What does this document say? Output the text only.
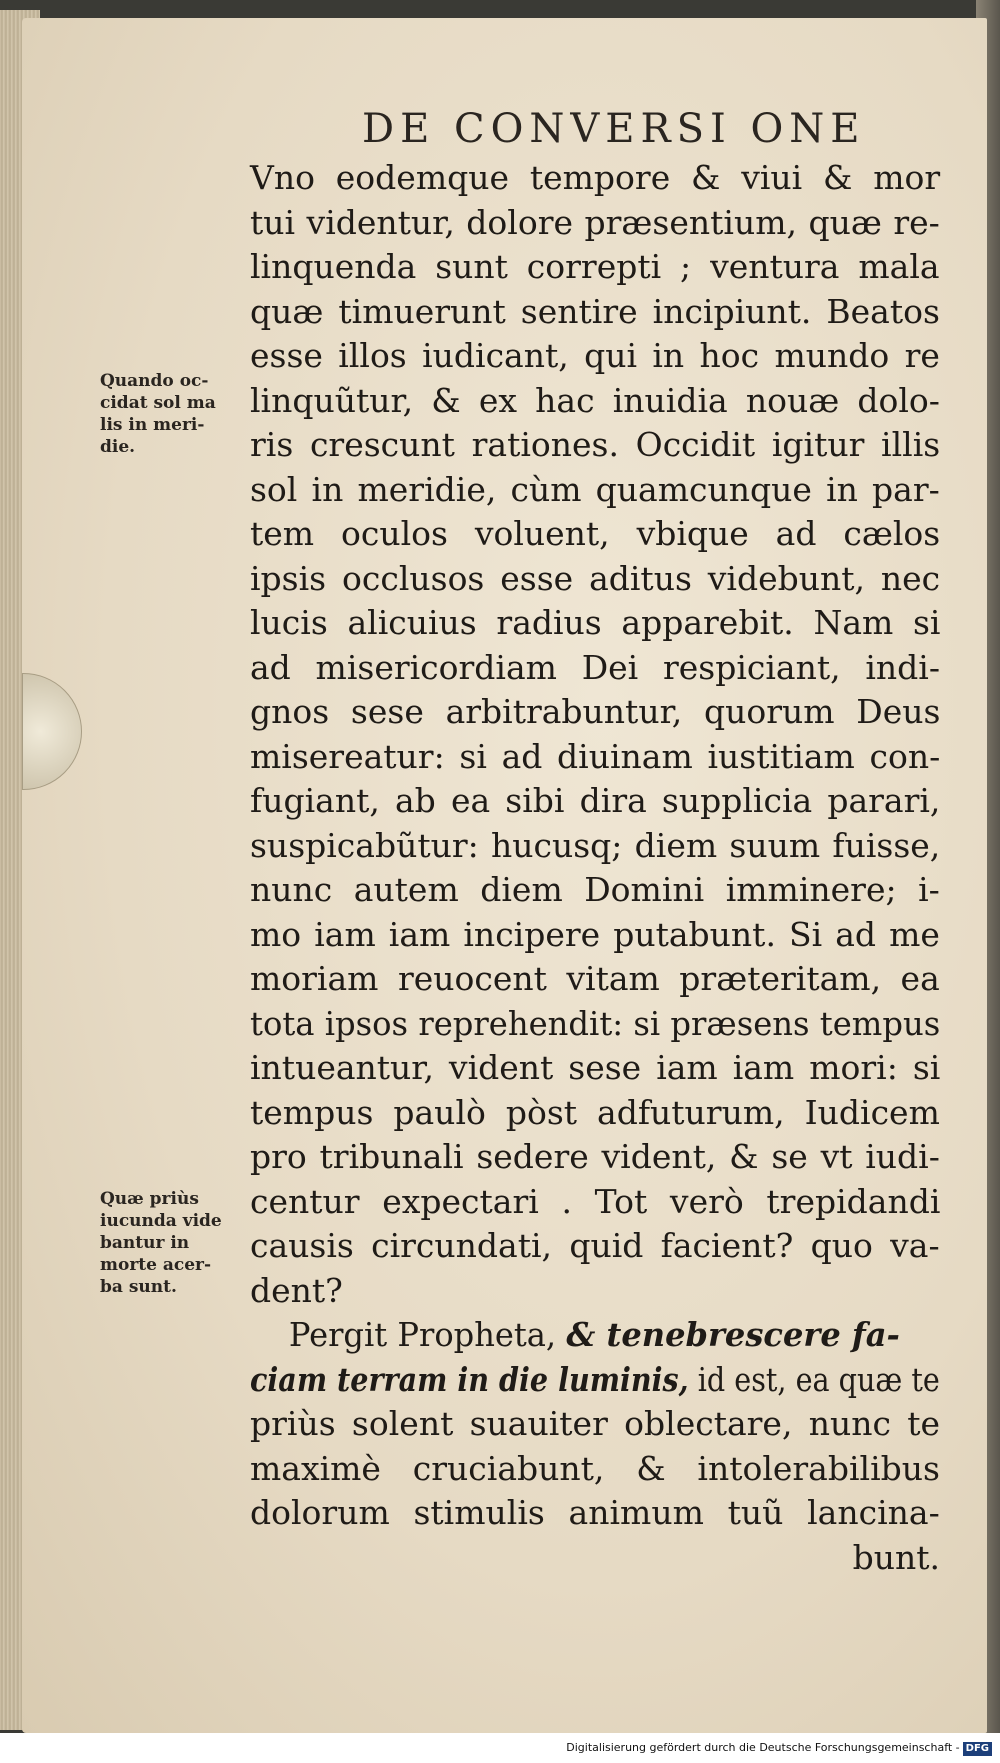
DE CONVERSI ONE
Quando oc-
cidat sol ma
lis in meri-
die.
Quæ priùs
iucunda vide
bantur in
morte acer-
ba sunt.
Vno eodemque tempore & viui & mor
tui videntur, dolore præsentium, quæ re-
linquenda sunt correpti ; ventura mala
quæ timuerunt sentire incipiunt. Beatos
esse illos iudicant, qui in hoc mundo re
linquũtur, & ex hac inuidia nouæ dolo-
ris crescunt rationes. Occidit igitur illis
sol in meridie, cùm quamcunque in par-
tem oculos voluent, vbique ad cælos
ipsis occlusos esse aditus videbunt, nec
lucis alicuius radius apparebit. Nam si
ad misericordiam Dei respiciant, indi-
gnos sese arbitrabuntur, quorum Deus
misereatur: si ad diuinam iustitiam con-
fugiant, ab ea sibi dira supplicia parari,
suspicabũtur: hucusq; diem suum fuisse,
nunc autem diem Domini imminere; i-
mo iam iam incipere putabunt. Si ad me
moriam reuocent vitam præteritam, ea
tota ipsos reprehendit: si præsens tempus
intueantur, vident sese iam iam mori: si
tempus paulò pòst adfuturum, Iudicem
pro tribunali sedere vident, & se vt iudi-
centur expectari . Tot verò trepidandi
causis circundati, quid facient? quo va-
dent?
Pergit Propheta, & tenebrescere fa-
ciam terram in die luminis, id est, ea quæ te
priùs solent suauiter oblectare, nunc te
maximè cruciabunt, & intolerabilibus
dolorum stimulis animum tuũ lancina-
bunt.
Digitalisierung gefördert durch die Deutsche Forschungsgemeinschaft - DFG
